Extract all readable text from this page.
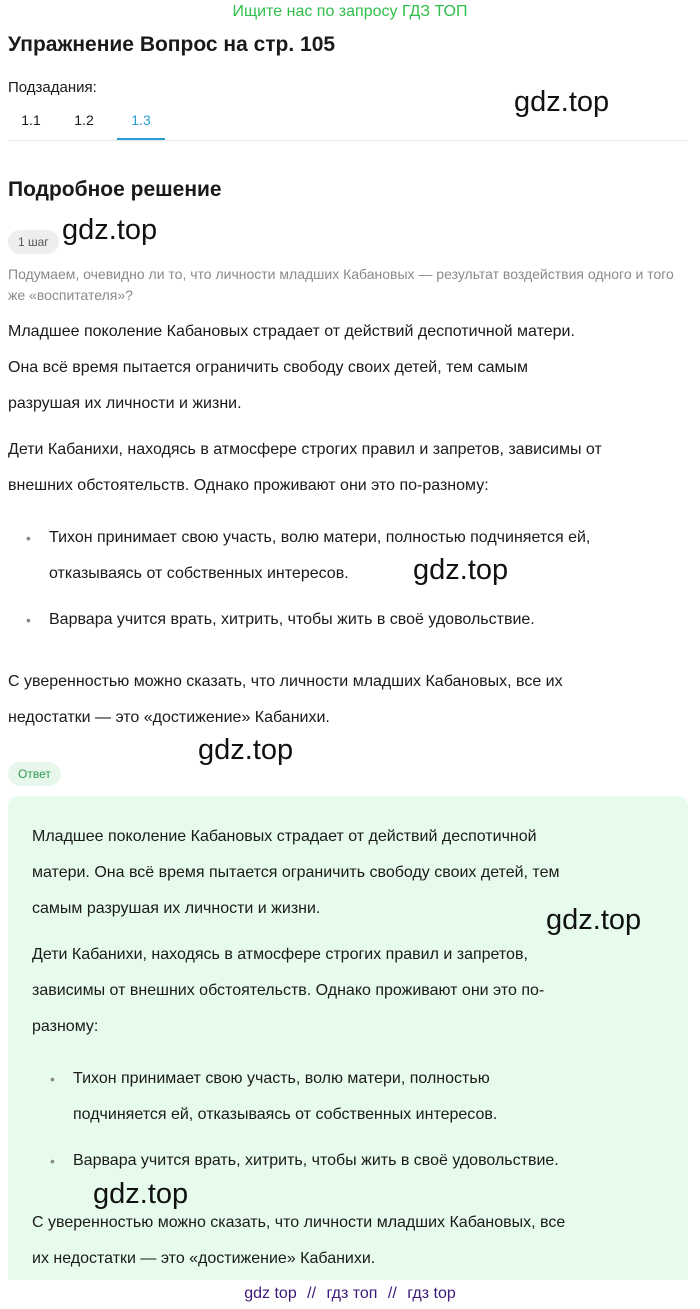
Ищите нас по запросу ГДЗ ТОП
Упражнение Вопрос на стр. 105
Подзадания:
1.1	1.2	1.3
gdz.top
Подробное решение
1 шаг gdz.top
Подумаем, очевидно ли то, что личности младших Кабановых — результат воздействия одного и того же «воспитателя»?

Младшее поколение Кабановых страдает от действий деспотичной матери.

Она всё время пытается ограничить свободу своих детей, тем самым

разрушая их личности и жизни.

Дети Кабанихи, находясь в атмосфере строгих правил и запретов, зависимы от

внешних обстоятельств. Однако проживают они это по-разному:

• Тихон принимает свою участь, волю матери, полностью подчиняется ей,
отказываясь от собственных интересов.
• Варвара учится врать, хитрить, чтобы жить в своё удовольствие.

С уверенностью можно сказать, что личности младших Кабановых, все их

недостатки — это «достижение» Кабанихи.

gdz.top
gdz.top
Ответ

Младшее поколение Кабановых страдает от действий деспотичной

матери. Она всё время пытается ограничить свободу своих детей, тем

самым разрушая их личности и жизни.

Дети Кабанихи, находясь в атмосфере строгих правил и запретов,

зависимы от внешних обстоятельств. Однако проживают они это по-

разному:

• Тихон принимает свою участь, волю матери, полностью
подчиняется ей, отказываясь от собственных интересов.
• Варвара учится врать, хитрить, чтобы жить в своё удовольствие.

С уверенностью можно сказать, что личности младших Кабановых, все

их недостатки — это «достижение» Кабанихи.

gdz.top
gdz.top
gdz top // гдз топ // гдз top
